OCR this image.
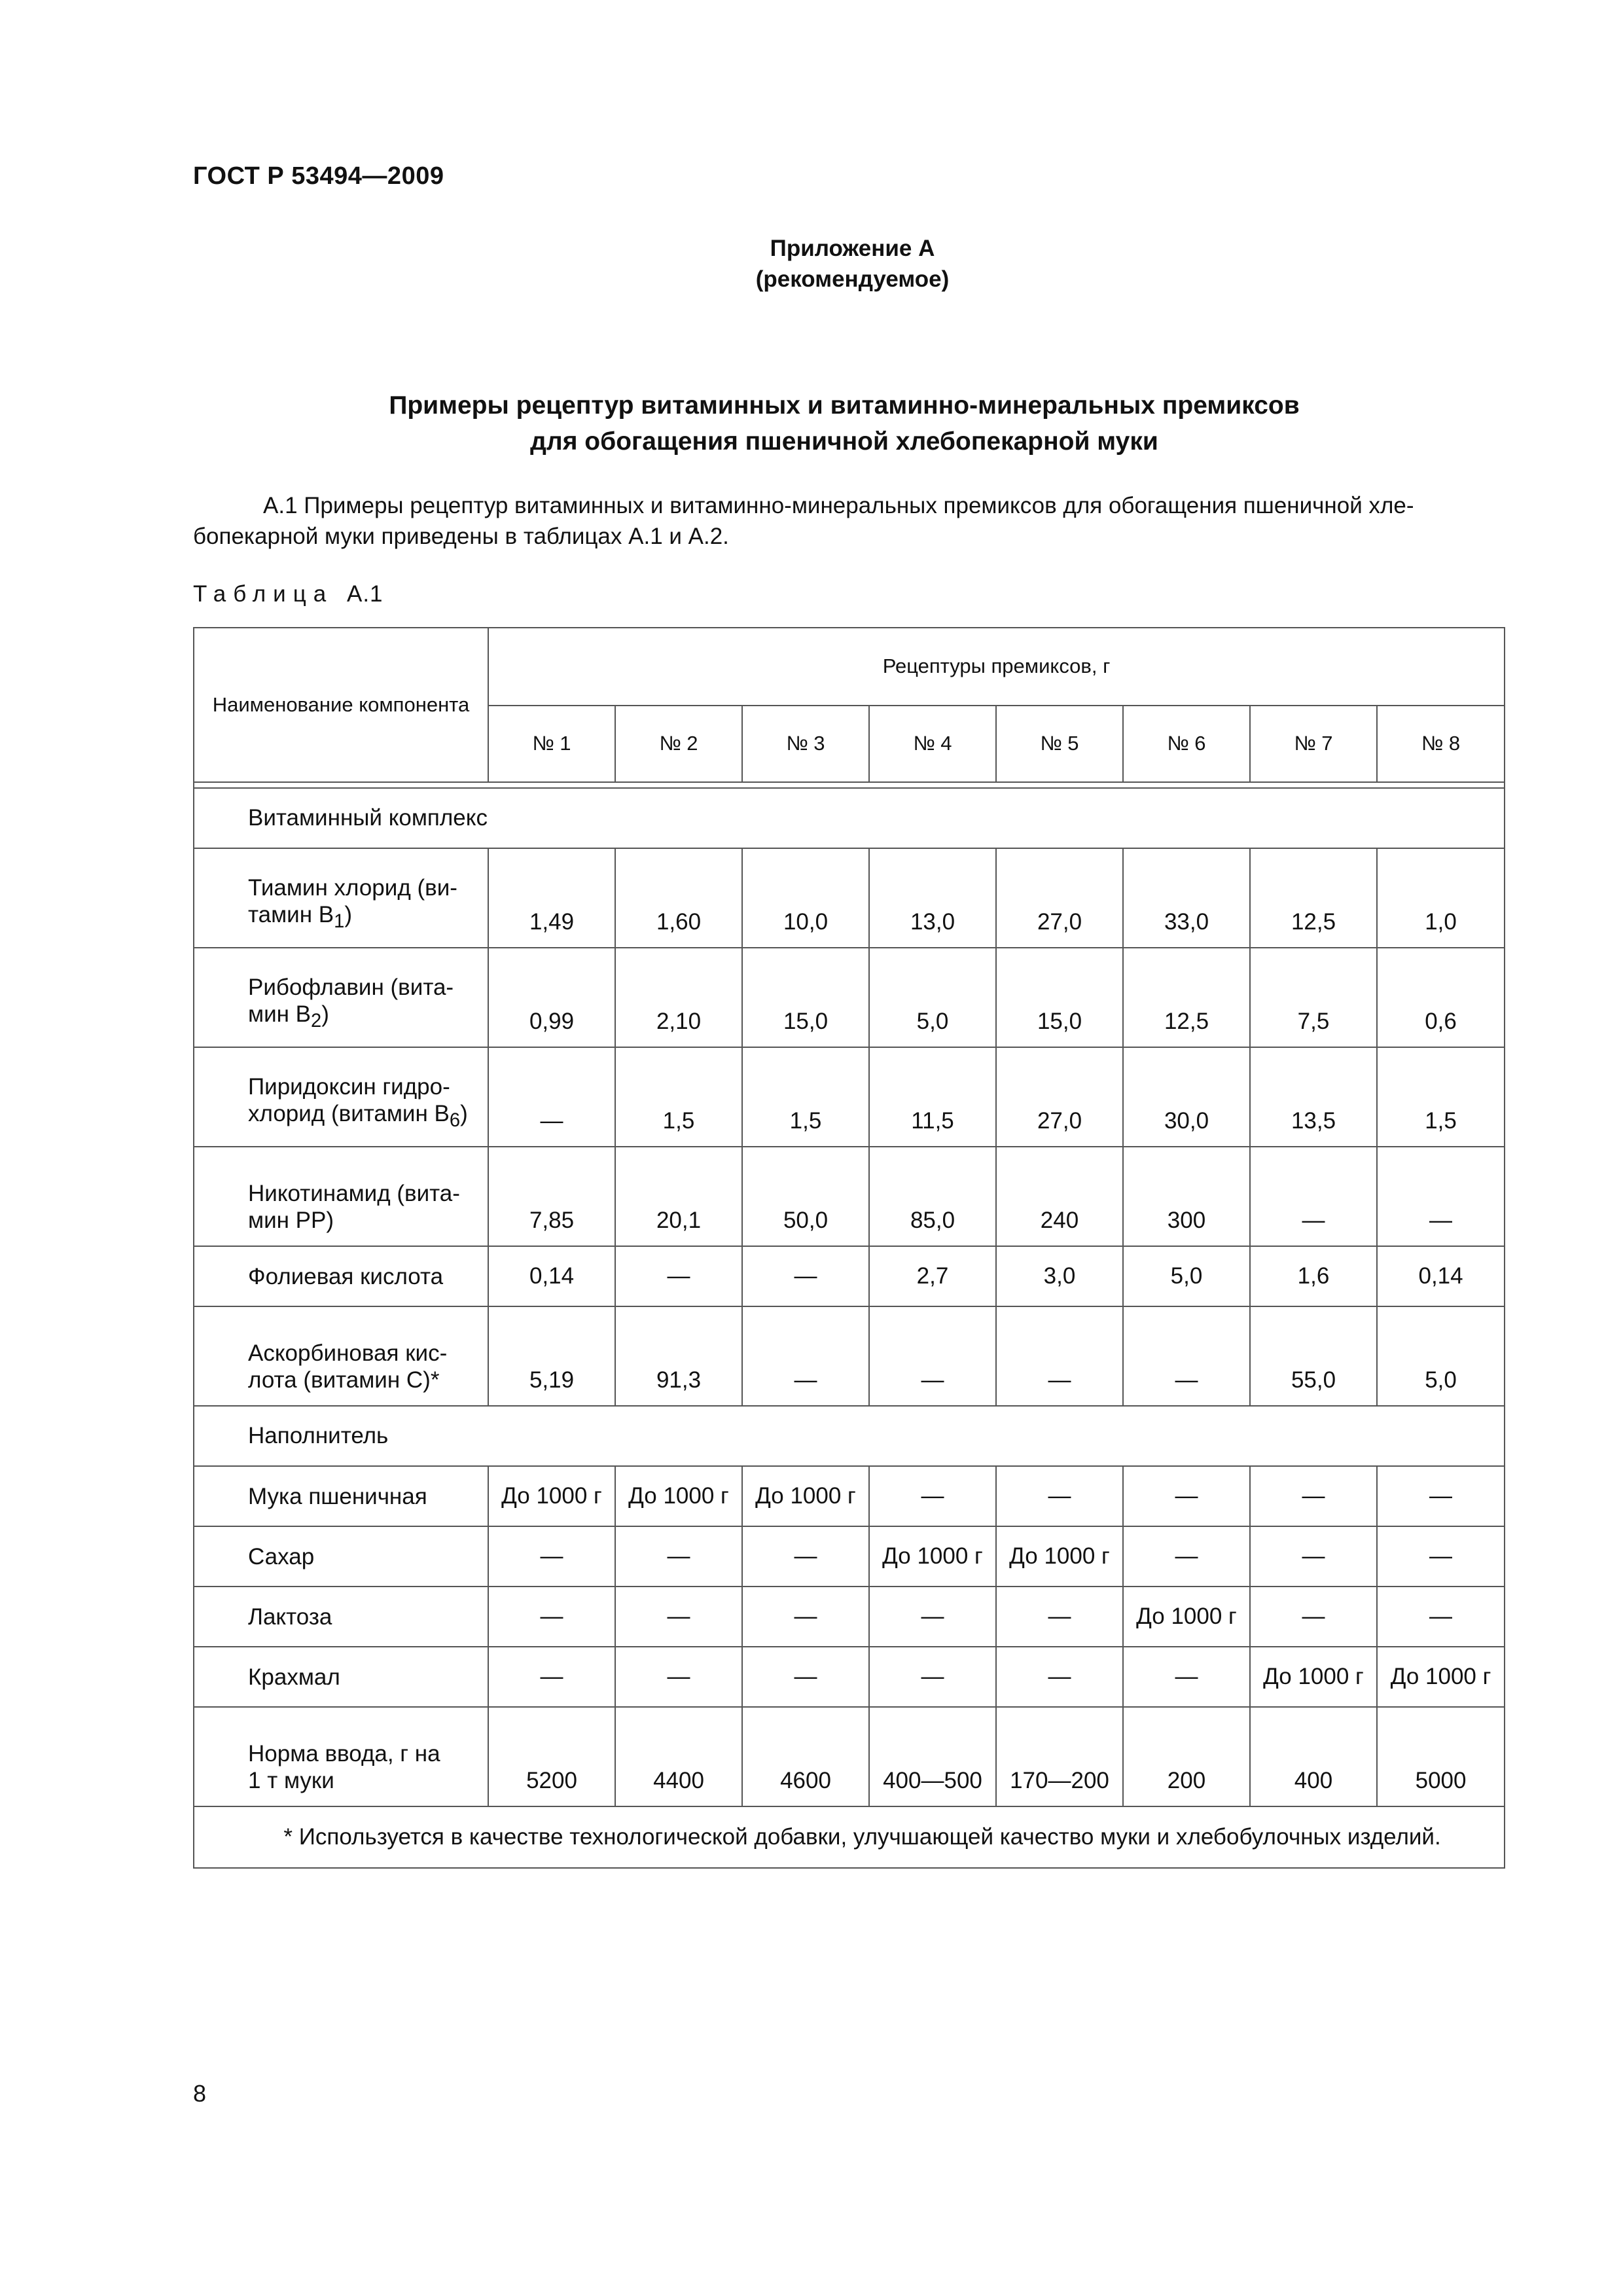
ГОСТ Р 53494—2009
Приложение А
(рекомендуемое)
Примеры рецептур витаминных и витаминно-минеральных премиксов
для обогащения пшеничной хлебопекарной муки
А.1 Примеры рецептур витаминных и витаминно-минеральных премиксов для обогащения пшеничной хле-
бопекарной муки приведены в таблицах А.1 и А.2.
Таблица А.1
Наименование компонента	Рецептуры премиксов, г							
	№ 1	№ 2	№ 3	№ 4	№ 5	№ 6	№ 7	№ 8

Витаминный комплекс								
Тиамин хлорид (ви-
тамин $В_1$)	1,49	1,60	10,0	13,0	27,0	33,0	12,5	1,0
Рибофлавин (вита-
мин $В_2$)	0,99	2,10	15,0	5,0	15,0	12,5	7,5	0,6
Пиридоксин гидро-
хлорид (витамин $В_6$)	—	1,5	1,5	11,5	27,0	30,0	13,5	1,5
Никотинамид (вита-
мин РР)	7,85	20,1	50,0	85,0	240	300	—	—
Фолиевая кислота	0,14	—	—	2,7	3,0	5,0	1,6	0,14
Аскорбиновая кис-
лота (витамин С)*	5,19	91,3	—	—	—	—	55,0	5,0
Наполнитель								
Мука пшеничная	До 1000 г	До 1000 г	До 1000 г	—	—	—	—	—
Сахар	—	—	—	До 1000 г	До 1000 г	—	—	—
Лактоза	—	—	—	—	—	До 1000 г	—	—
Крахмал	—	—	—	—	—	—	До 1000 г	До 1000 г
Норма ввода, г на
1 т муки	5200	4400	4600	400—500	170—200	200	400	5000
* Используется в качестве технологической добавки, улучшающей качество муки и хлебобулочных изделий.								
8
